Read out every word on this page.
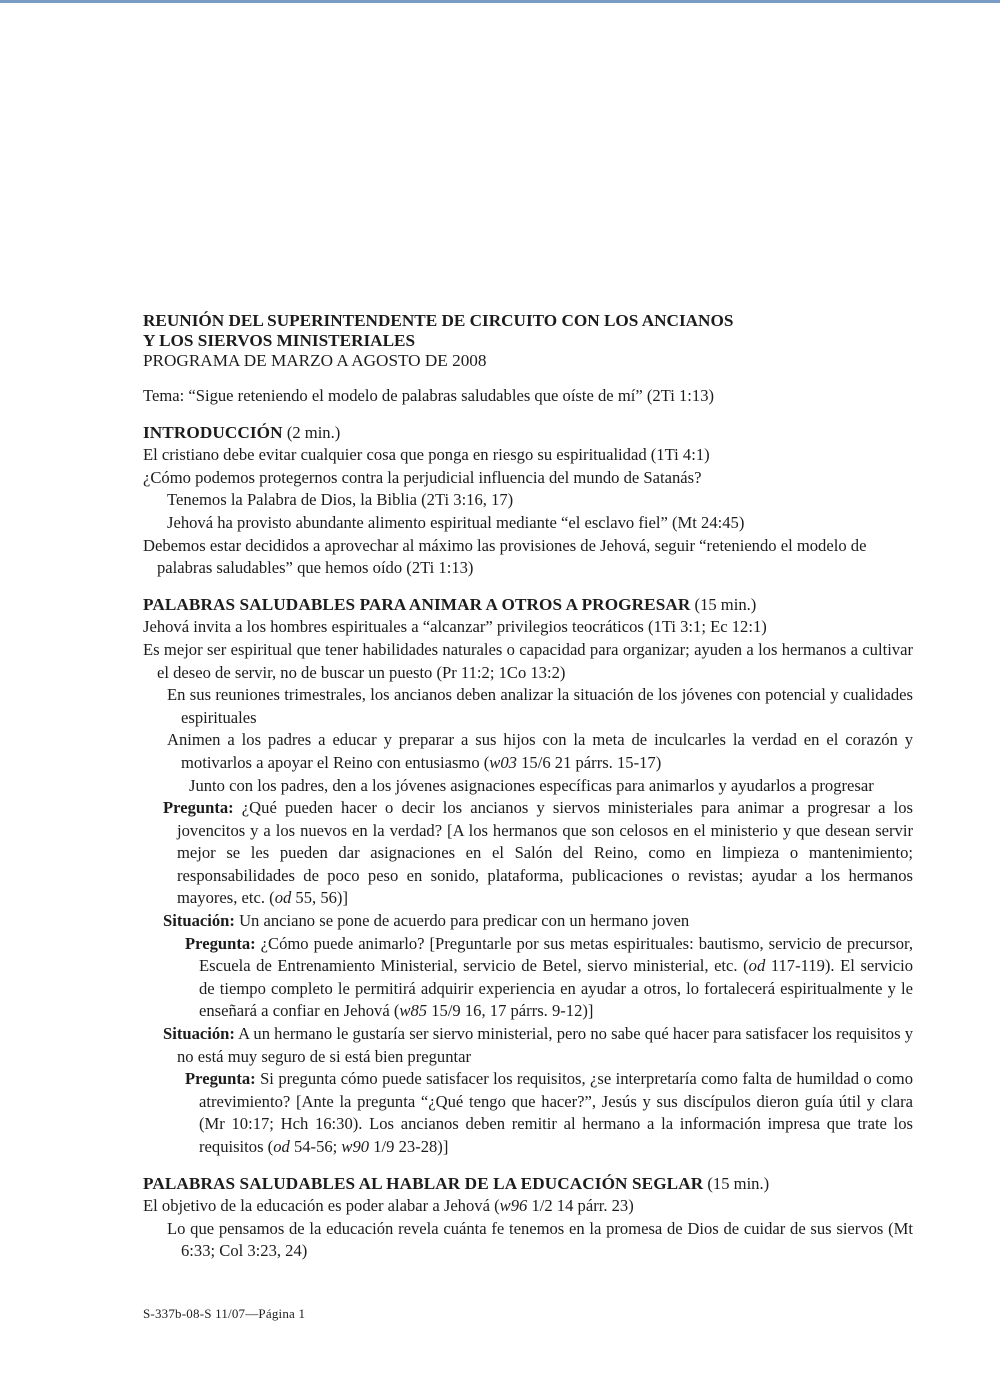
REUNIÓN DEL SUPERINTENDENTE DE CIRCUITO CON LOS ANCIANOS
Y LOS SIERVOS MINISTERIALES
PROGRAMA DE MARZO A AGOSTO DE 2008
Tema: “Sigue reteniendo el modelo de palabras saludables que oíste de mí” (2Ti 1:13)
INTRODUCCIÓN (2 min.)
El cristiano debe evitar cualquier cosa que ponga en riesgo su espiritualidad (1Ti 4:1)
¿Cómo podemos protegernos contra la perjudicial influencia del mundo de Satanás?
Tenemos la Palabra de Dios, la Biblia (2Ti 3:16, 17)
Jehová ha provisto abundante alimento espiritual mediante “el esclavo fiel” (Mt 24:45)
Debemos estar decididos a aprovechar al máximo las provisiones de Jehová, seguir “reteniendo el modelo de palabras saludables” que hemos oído (2Ti 1:13)
PALABRAS SALUDABLES PARA ANIMAR A OTROS A PROGRESAR (15 min.)
Jehová invita a los hombres espirituales a “alcanzar” privilegios teocráticos (1Ti 3:1; Ec 12:1)
Es mejor ser espiritual que tener habilidades naturales o capacidad para organizar; ayuden a los hermanos a cultivar el deseo de servir, no de buscar un puesto (Pr 11:2; 1Co 13:2)
En sus reuniones trimestrales, los ancianos deben analizar la situación de los jóvenes con potencial y cualidades espirituales
Animen a los padres a educar y preparar a sus hijos con la meta de inculcarles la verdad en el corazón y motivarlos a apoyar el Reino con entusiasmo (w03 15/6 21 párrs. 15-17)
Junto con los padres, den a los jóvenes asignaciones específicas para animarlos y ayudarlos a progresar
Pregunta: ¿Qué pueden hacer o decir los ancianos y siervos ministeriales para animar a progresar a los jovencitos y a los nuevos en la verdad? [A los hermanos que son celosos en el ministerio y que desean servir mejor se les pueden dar asignaciones en el Salón del Reino, como en limpieza o mantenimiento; responsabilidades de poco peso en sonido, plataforma, publicaciones o revistas; ayudar a los hermanos mayores, etc. (od 55, 56)]
Situación: Un anciano se pone de acuerdo para predicar con un hermano joven
Pregunta: ¿Cómo puede animarlo? [Preguntarle por sus metas espirituales: bautismo, servicio de precursor, Escuela de Entrenamiento Ministerial, servicio de Betel, siervo ministerial, etc. (od 117-119). El servicio de tiempo completo le permitirá adquirir experiencia en ayudar a otros, lo fortalecerá espiritualmente y le enseñará a confiar en Jehová (w85 15/9 16, 17 párrs. 9-12)]
Situación: A un hermano le gustaría ser siervo ministerial, pero no sabe qué hacer para satisfacer los requisitos y no está muy seguro de si está bien preguntar
Pregunta: Si pregunta cómo puede satisfacer los requisitos, ¿se interpretaría como falta de humildad o como atrevimiento? [Ante la pregunta “¿Qué tengo que hacer?”, Jesús y sus discípulos dieron guía útil y clara (Mr 10:17; Hch 16:30). Los ancianos deben remitir al hermano a la información impresa que trate los requisitos (od 54-56; w90 1/9 23-28)]
PALABRAS SALUDABLES AL HABLAR DE LA EDUCACIÓN SEGLAR (15 min.)
El objetivo de la educación es poder alabar a Jehová (w96 1/2 14 párr. 23)
Lo que pensamos de la educación revela cuánta fe tenemos en la promesa de Dios de cuidar de sus siervos (Mt 6:33; Col 3:23, 24)
S-337b-08-S 11/07—Página 1
